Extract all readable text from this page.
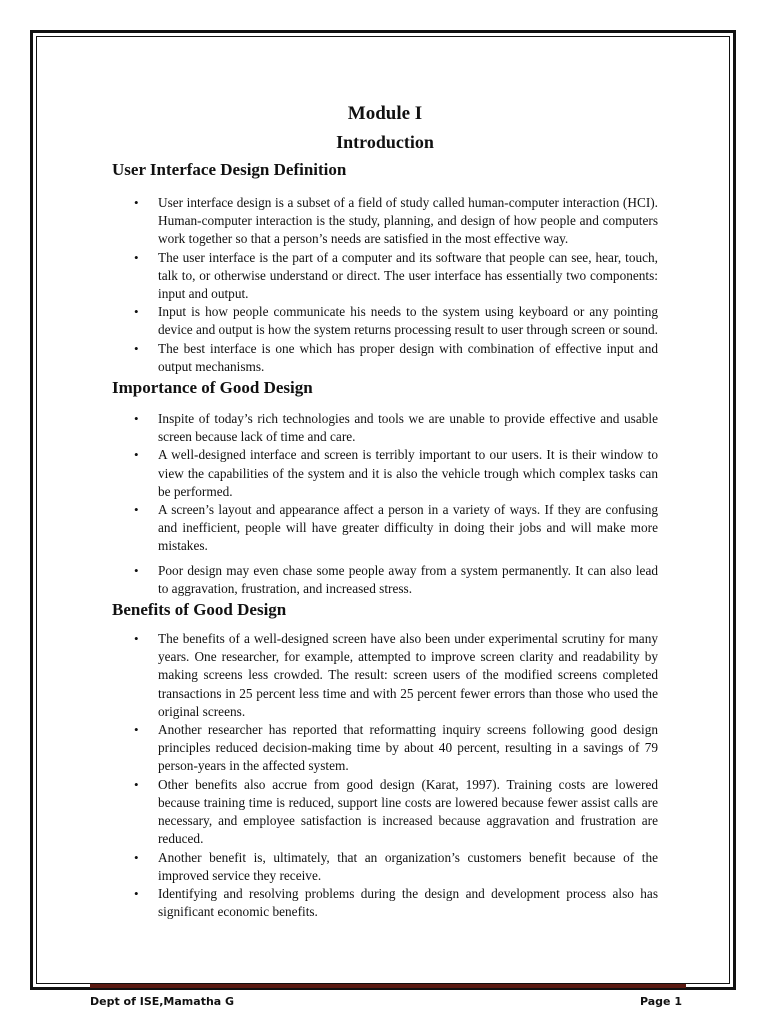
Module I
Introduction
User Interface Design Definition
• User interface design is a subset of a field of study called human-computer interaction (HCI). Human-computer interaction is the study, planning, and design of how people and computers work together so that a person’s needs are satisfied in the most effective way.
• The user interface is the part of a computer and its software that people can see, hear, touch, talk to, or otherwise understand or direct. The user interface has essentially two components: input and output.
• Input is how people communicate his needs to the system using keyboard or any pointing device and output is how the system returns processing result to user through screen or sound.
• The best interface is one which has proper design with combination of effective input and output mechanisms.
Importance of Good Design
• Inspite of today’s rich technologies and tools we are unable to provide effective and usable screen because lack of time and care.
• A well-designed interface and screen is terribly important to our users. It is their window to view the capabilities of the system and it is also the vehicle trough which complex tasks can be performed.
• A screen’s layout and appearance affect a person in a variety of ways. If they are confusing and inefficient, people will have greater difficulty in doing their jobs and will make more mistakes.
• Poor design may even chase some people away from a system permanently. It can also lead to aggravation, frustration, and increased stress.
Benefits of Good Design
• The benefits of a well-designed screen have also been under experimental scrutiny for many years. One researcher, for example, attempted to improve screen clarity and readability by making screens less crowded. The result: screen users of the modified screens completed transactions in 25 percent less time and with 25 percent fewer errors than those who used the original screens.
• Another researcher has reported that reformatting inquiry screens following good design principles reduced decision-making time by about 40 percent, resulting in a savings of 79 person-years in the affected system.
• Other benefits also accrue from good design (Karat, 1997). Training costs are lowered because training time is reduced, support line costs are lowered because fewer assist calls are necessary, and employee satisfaction is increased because aggravation and frustration are reduced.
• Another benefit is, ultimately, that an organization’s customers benefit because of the improved service they receive.
• Identifying and resolving problems during the design and development process also has significant economic benefits.
Dept of ISE,Mamatha G	Page 1
